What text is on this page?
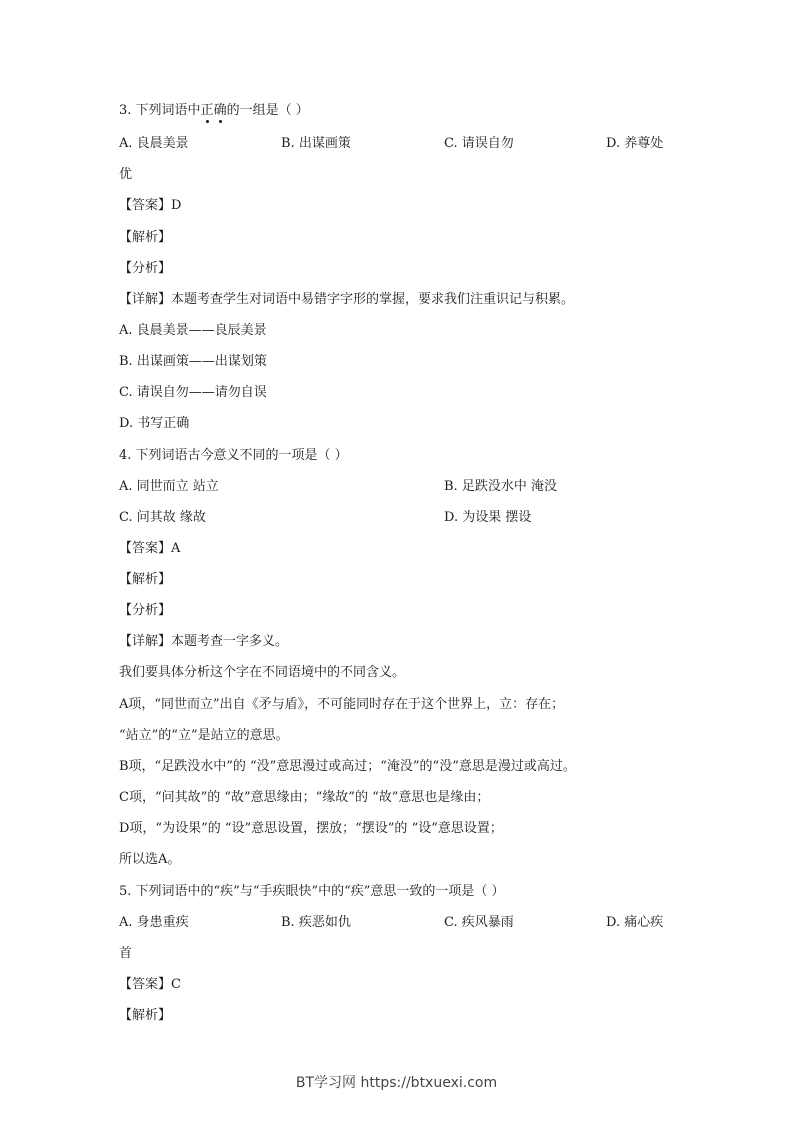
3. 下列词语中正确的一组是（ ）
A. 良晨美景	B. 出谋画策	C. 请误自勿	D. 养尊处
优
【答案】D
【解析】
【分析】
【详解】本题考查学生对词语中易错字字形的掌握，要求我们注重识记与积累。
A. 良晨美景——良辰美景
B. 出谋画策——出谋划策
C. 请误自勿——请勿自误
D. 书写正确
4. 下列词语古今意义不同的一项是（ ）
A. 同世而立 站立	B. 足跌没水中 淹没
C. 问其故 缘故	D. 为设果 摆设
【答案】A
【解析】
【分析】
【详解】本题考查一字多义。
我们要具体分析这个字在不同语境中的不同含义。
A项，“同世而立”出自《矛与盾》，不可能同时存在于这个世界上，立：存在；
“站立”的“立”是站立的意思。
B项，“足跌没水中”的 “没”意思漫过或高过；“淹没”的“没”意思是漫过或高过。
C项，“问其故”的 “故”意思缘由；“缘故”的 “故”意思也是缘由；
D项，“为设果”的 “设”意思设置，摆放；“摆设”的 “设”意思设置；
所以选A。
5. 下列词语中的“疾”与“手疾眼快”中的“疾”意思一致的一项是（ ）
A. 身患重疾	B. 疾恶如仇	C. 疾风暴雨	D. 痛心疾
首
【答案】C
【解析】
BT学习网 https://btxuexi.com
